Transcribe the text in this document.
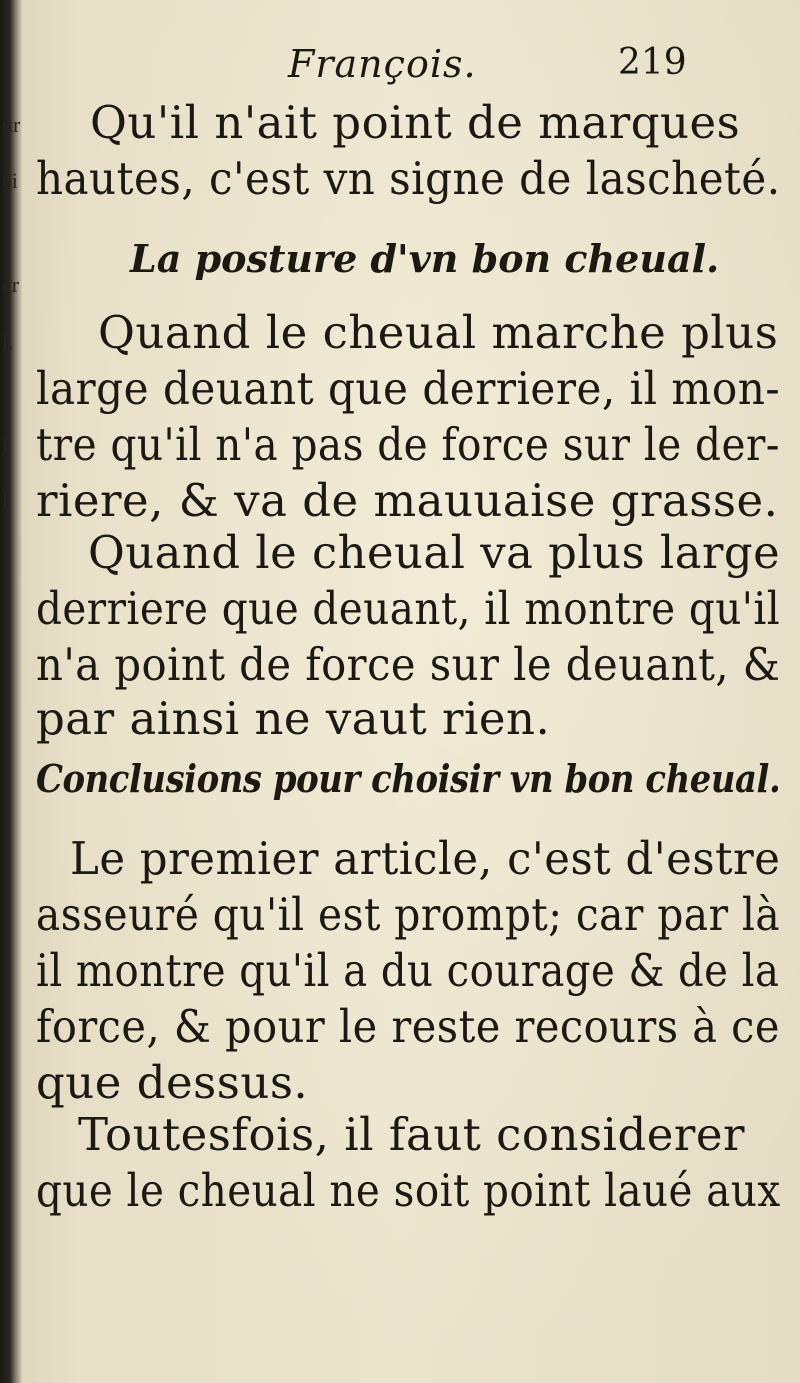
ur
ei
ar
l.
i
l
François.	219
Qu'il n'ait point de marques
hautes, c'est vn signe de lascheté.
La posture d'vn bon cheual.
Quand le cheual marche plus
large deuant que derriere, il mon-
tre qu'il n'a pas de force sur le der-
riere, & va de mauuaise grasse.
Quand le cheual va plus large
derriere que deuant, il montre qu'il
n'a point de force sur le deuant, &
par ainsi ne vaut rien.
Conclusions pour choisir vn bon cheual.
Le premier article, c'est d'estre
asseuré qu'il est prompt; car par là
il montre qu'il a du courage & de la
force, & pour le reste recours à ce
que dessus.
Toutesfois, il faut considerer
que le cheual ne soit point laué aux
